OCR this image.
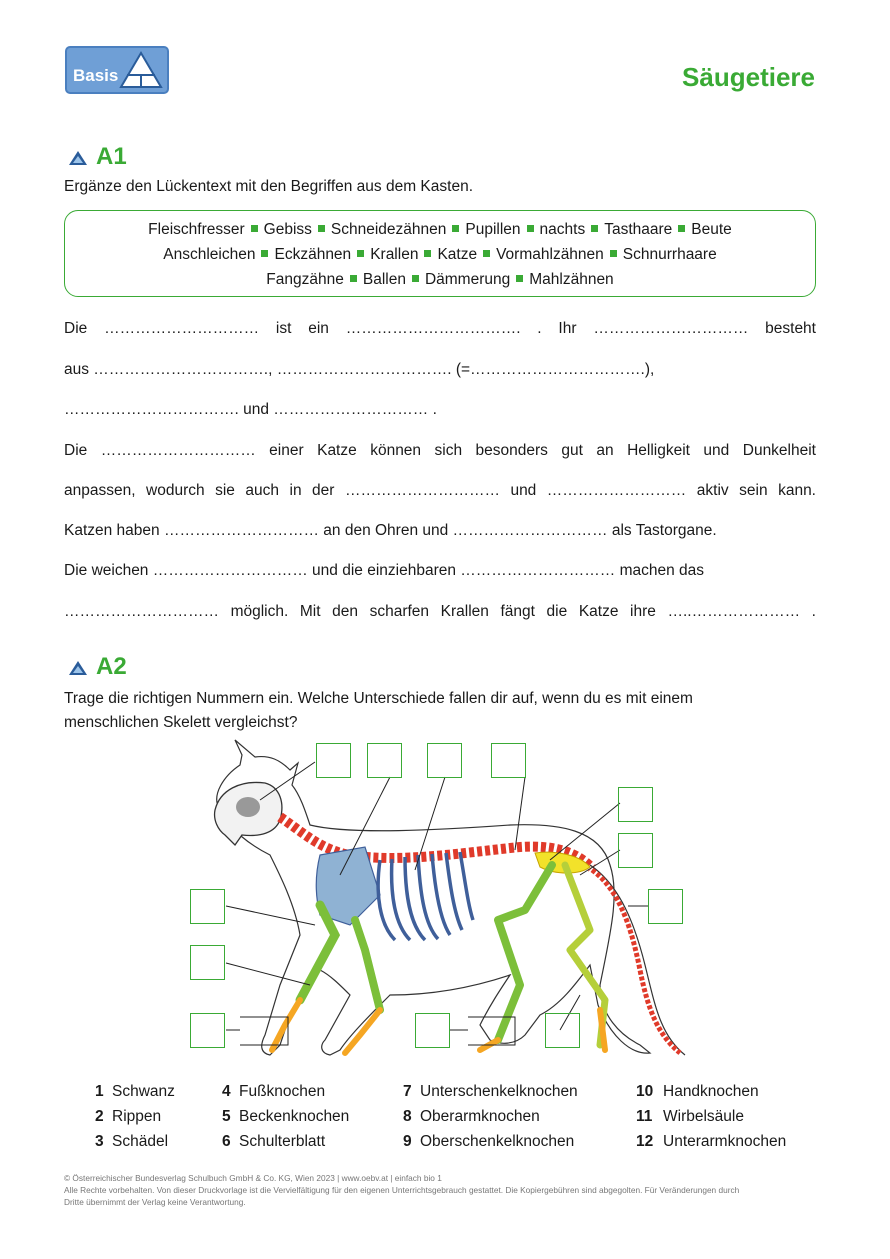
Basis	Säugetiere
A1
Ergänze den Lückentext mit den Begriffen aus dem Kasten.
Fleischfresser Gebiss Schneidezähnen Pupillen nachts Tasthaare Beute
Anschleichen Eckzähnen Krallen Katze Vormahlzähnen Schnurrhaare
Fangzähne Ballen Dämmerung Mahlzähnen
Die ………………………… ist ein ……………………………. . Ihr ………………………… besteht
aus ……………………………., ……………………………. (=…………………………….),
……………………………. und ………………………… .
Die ………………………… einer Katze können sich besonders gut an Helligkeit und Dunkelheit
anpassen, wodurch sie auch in der ………………………… und ……………………… aktiv sein kann.
Katzen haben ………………………… an den Ohren und ………………………… als Tastorgane.
Die weichen ………………………… und die einziehbaren ………………………… machen das
………………………… möglich. Mit den scharfen Krallen fängt die Katze ihre …..………………… .
A2
Trage die richtigen Nummern ein. Welche Unterschiede fallen dir auf, wenn du es mit einem
menschlichen Skelett vergleichst?
1 Schwanz
2 Rippen
3 Schädel
4 Fußknochen
5 Beckenknochen
6 Schulterblatt
7 Unterschenkelknochen
8 Oberarmknochen
9 Oberschenkelknochen
10 Handknochen
11 Wirbelsäule
12 Unterarmknochen
© Österreichischer Bundesverlag Schulbuch GmbH & Co. KG, Wien 2023 | www.oebv.at | einfach bio 1
Alle Rechte vorbehalten. Von dieser Druckvorlage ist die Vervielfältigung für den eigenen Unterrichtsgebrauch gestattet. Die Kopiergebühren sind abgegolten. Für Veränderungen durch
Dritte übernimmt der Verlag keine Verantwortung.
